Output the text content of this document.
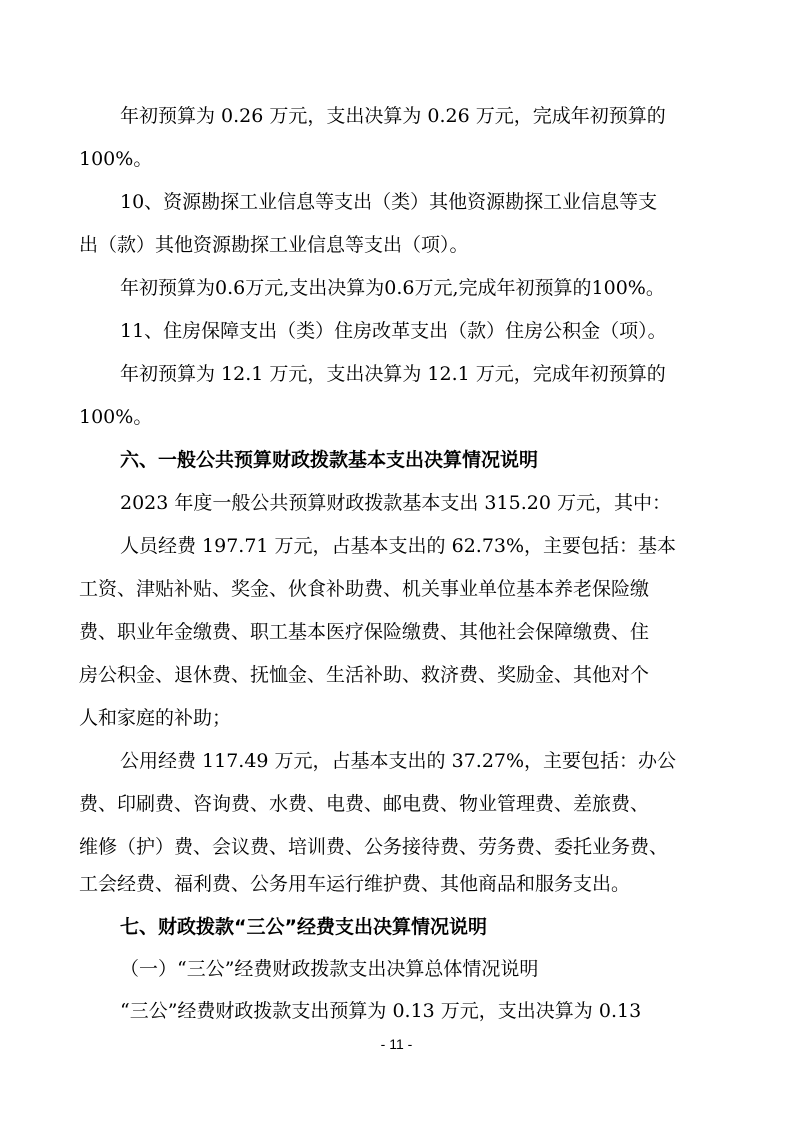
年初预算为 0.26 万元，支出决算为 0.26 万元，完成年初预算的
100%。
10、资源勘探工业信息等支出（类）其他资源勘探工业信息等支
出（款）其他资源勘探工业信息等支出（项）。
年初预算为0.6万元,支出决算为0.6万元,完成年初预算的100%。
11、住房保障支出（类）住房改革支出（款）住房公积金（项）。
年初预算为 12.1 万元，支出决算为 12.1 万元，完成年初预算的
100%。
六、一般公共预算财政拨款基本支出决算情况说明
2023 年度一般公共预算财政拨款基本支出 315.20 万元，其中：
人员经费 197.71 万元，占基本支出的 62.73%，主要包括：基本
工资、津贴补贴、奖金、伙食补助费、机关事业单位基本养老保险缴
费、职业年金缴费、职工基本医疗保险缴费、其他社会保障缴费、住
房公积金、退休费、抚恤金、生活补助、救济费、奖励金、其他对个
人和家庭的补助；
公用经费 117.49 万元，占基本支出的 37.27%，主要包括：办公
费、印刷费、咨询费、水费、电费、邮电费、物业管理费、差旅费、
维修（护）费、会议费、培训费、公务接待费、劳务费、委托业务费、
工会经费、福利费、公务用车运行维护费、其他商品和服务支出。
七、财政拨款“三公”经费支出决算情况说明
（一）“三公”经费财政拨款支出决算总体情况说明
“三公”经费财政拨款支出预算为 0.13 万元，支出决算为 0.13
- 11 -
